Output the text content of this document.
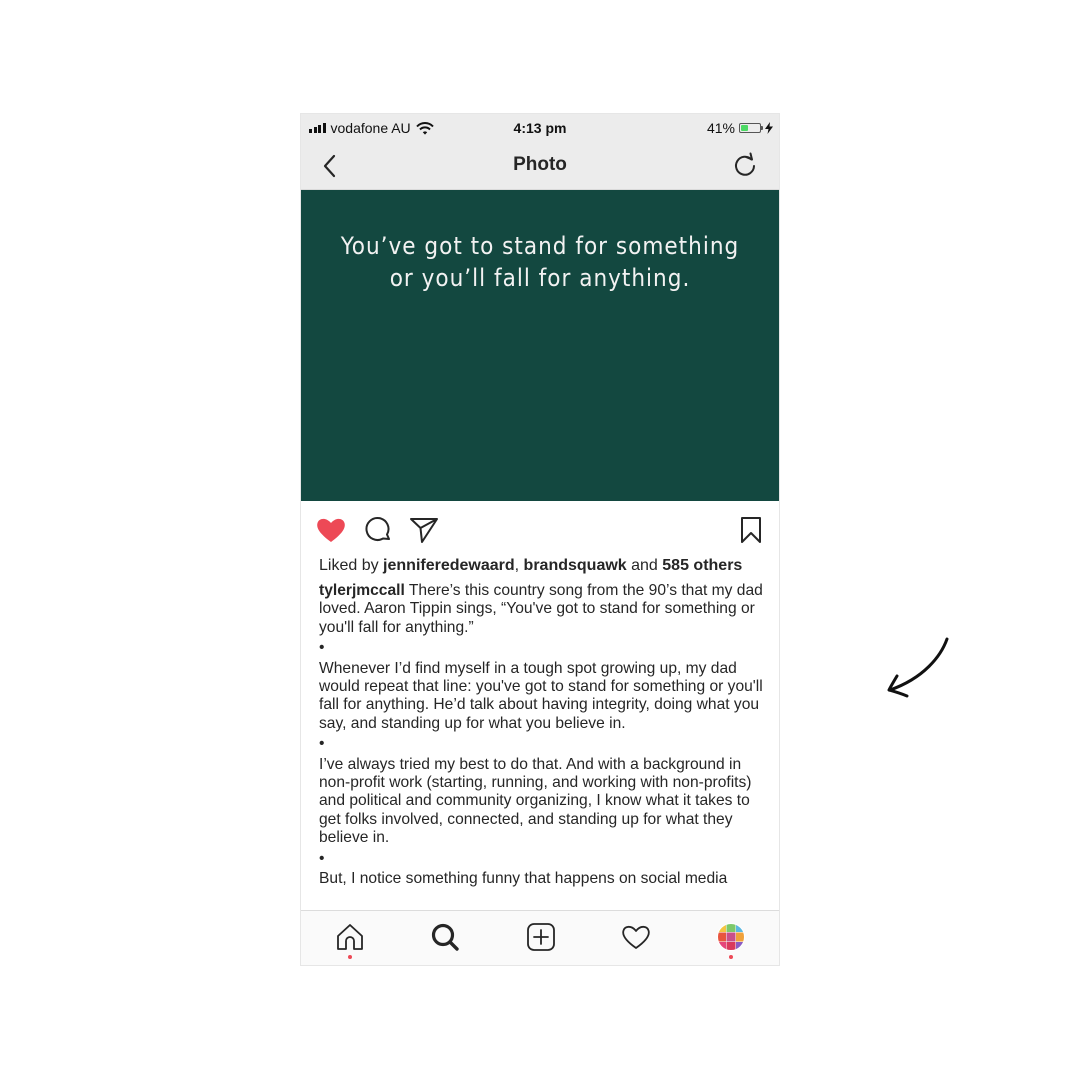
vodafone AU	4:13 pm	41%
Photo
You’ve got to stand for something
or you’ll fall for anything.
Liked by jenniferedewaard, brandsquawk and 585 others

tylerjmccall There’s this country song from the 90’s that my dad loved. Aaron Tippin sings, “You've got to stand for something or you'll fall for anything.”

•

Whenever I’d find myself in a tough spot growing up, my dad would repeat that line: you've got to stand for something or you'll fall for anything. He’d talk about having integrity, doing what you say, and standing up for what you believe in.

•

I’ve always tried my best to do that. And with a background in non-profit work (starting, running, and working with non-profits) and political and community organizing, I know what it takes to get folks involved, connected, and standing up for what they believe in.

•

But, I notice something funny that happens on social media
